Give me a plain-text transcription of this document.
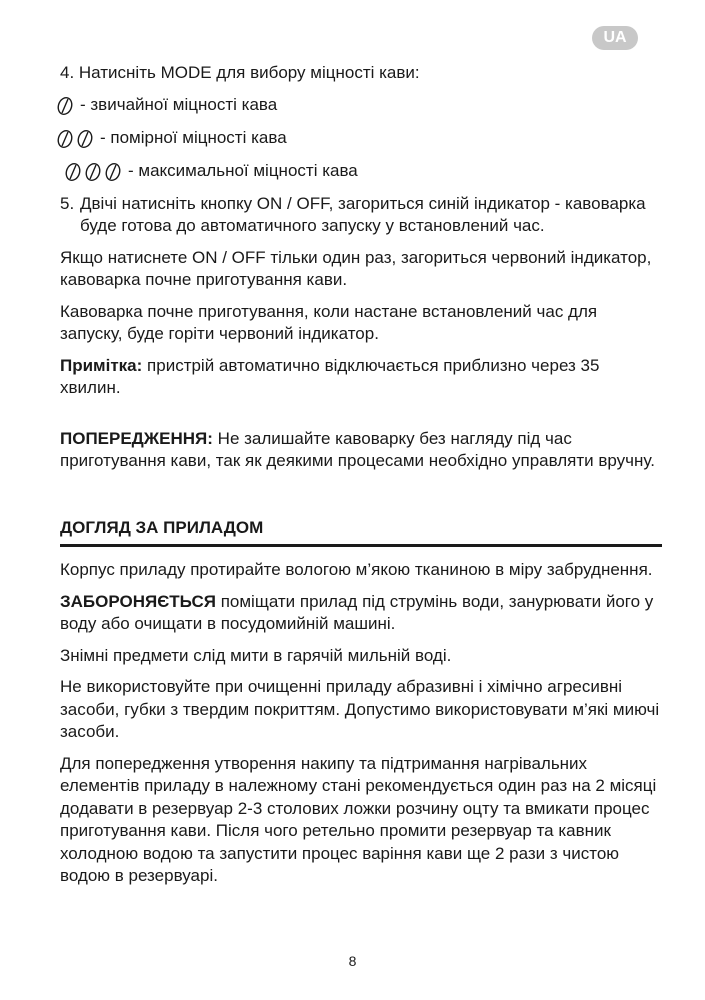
UA

4. Натисніть MODE для вибору міцності кави:

- звичайної міцності кава
- помірної міцності кава
- максимальної міцності кава
5. Двічі натисніть кнопку ON / OFF, загориться синій індикатор - кавоварка буде готова до автоматичного запуску у встановлений час.

Якщо натиснете ON / OFF тільки один раз, загориться червоний індикатор, кавоварка почне приготування кави.

Кавоварка почне приготування, коли настане встановлений час для запуску, буде горіти червоний індикатор.

Примітка: пристрій автоматично відключається приблизно через 35 хвилин.

ПОПЕРЕДЖЕННЯ: Не залишайте кавоварку без нагляду під час приготування кави, так як деякими процесами необхідно управляти вручну.

ДОГЛЯД ЗА ПРИЛАДОМ

Корпус приладу протирайте вологою м’якою тканиною в міру забруднення.

ЗАБОРОНЯЄТЬСЯ поміщати прилад під струмінь води, занурювати його у воду або очищати в посудомийній машині.

Знімні предмети слід мити в гарячій мильній воді.

Не використовуйте при очищенні приладу абразивні і хімічно агресивні засоби, губки з твердим покриттям. Допустимо використовувати м’які миючі засоби.

Для попередження утворення накипу та підтримання нагрівальних елементів приладу в належному стані рекомендується один раз на 2 місяці додавати в резервуар 2-3 столових ложки розчину оцту та вмикати процес приготування кави. Після чого ретельно промити резервуар та кавник холодною водою та запустити процес варіння кави ще 2 рази з чистою водою в резервуарі.

8
